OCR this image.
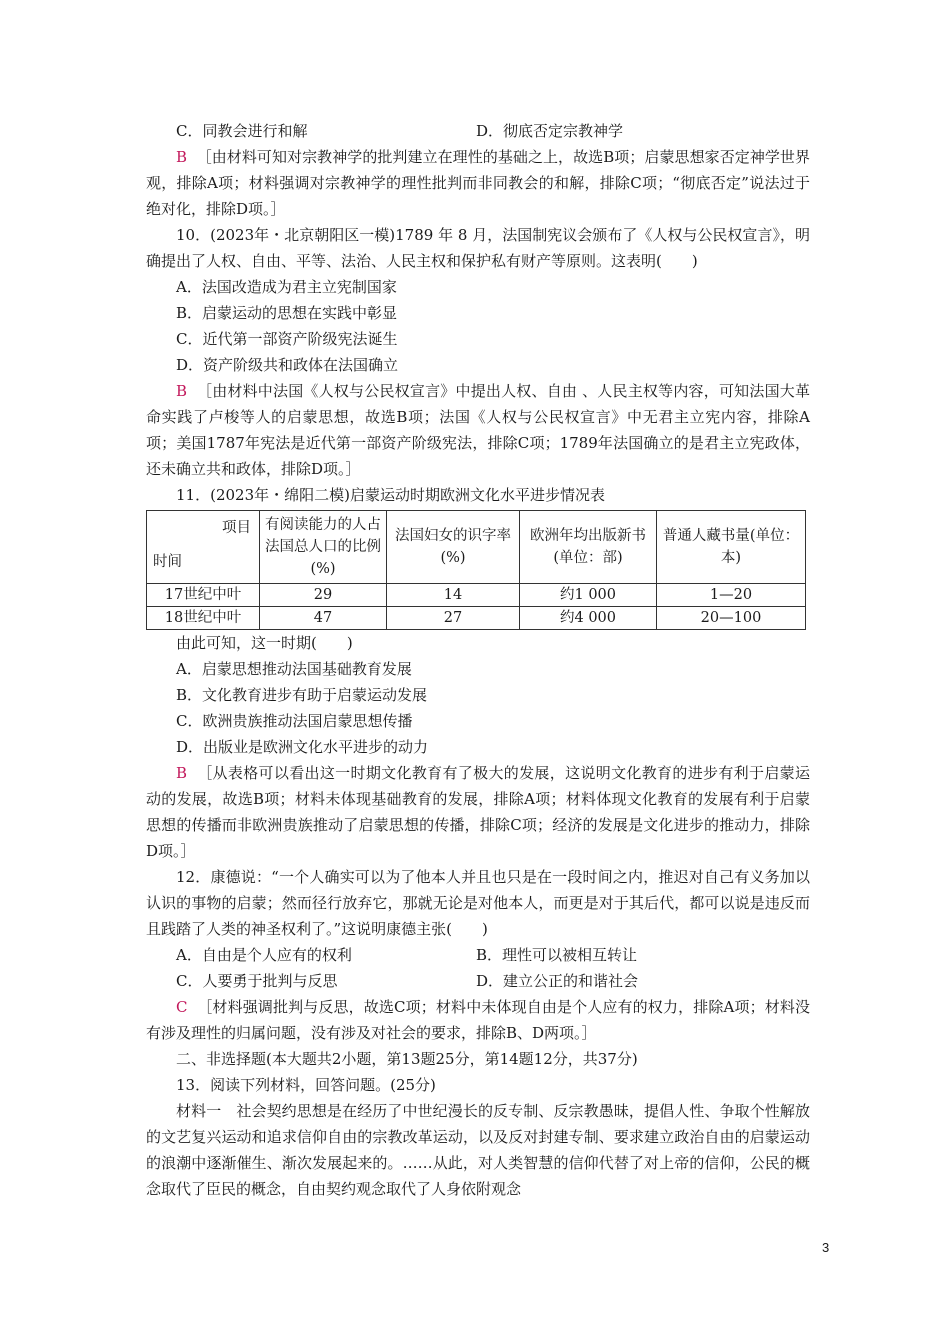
C．同教会进行和解	D．彻底否定宗教神学

B ［由材料可知对宗教神学的批判建立在理性的基础之上，故选B项；启蒙思想家否定神学世界观，排除A项；材料强调对宗教神学的理性批判而非同教会的和解，排除C项；“彻底否定”说法过于绝对化，排除D项。］

10．(2023年・北京朝阳区一模)1789 年 8 月，法国制宪议会颁布了《人权与公民权宣言》，明确提出了人权、自由、平等、法治、人民主权和保护私有财产等原则。这表明(　　)

A．法国改造成为君主立宪制国家

B．启蒙运动的思想在实践中彰显

C．近代第一部资产阶级宪法诞生

D．资产阶级共和政体在法国确立

B ［由材料中法国《人权与公民权宣言》中提出人权、自由 、人民主权等内容，可知法国大革命实践了卢梭等人的启蒙思想，故选B项；法国《人权与公民权宣言》中无君主立宪内容，排除A项；美国1787年宪法是近代第一部资产阶级宪法，排除C项；1789年法国确立的是君主立宪政体，还未确立共和政体，排除D项。］

11．(2023年・绵阳二模)启蒙运动时期欧洲文化水平进步情况表

项目
时间	有阅读能力的人占法国总人口的比例(%)	法国妇女的识字率(%)	欧洲年均出版新书(单位：部)	普通人藏书量(单位：本)
17世纪中叶	29	14	约1 000	1—20
18世纪中叶	47	27	约4 000	20—100

由此可知，这一时期(　　)

A．启蒙思想推动法国基础教育发展

B．文化教育进步有助于启蒙运动发展

C．欧洲贵族推动法国启蒙思想传播

D．出版业是欧洲文化水平进步的动力

B ［从表格可以看出这一时期文化教育有了极大的发展，这说明文化教育的进步有利于启蒙运动的发展，故选B项；材料未体现基础教育的发展，排除A项；材料体现文化教育的发展有利于启蒙思想的传播而非欧洲贵族推动了启蒙思想的传播，排除C项；经济的发展是文化进步的推动力，排除D项。］

12．康德说：“一个人确实可以为了他本人并且也只是在一段时间之内，推迟对自己有义务加以认识的事物的启蒙；然而径行放弃它，那就无论是对他本人，而更是对于其后代，都可以说是违反而且践踏了人类的神圣权利了。”这说明康德主张(　　)

A．自由是个人应有的权利	B．理性可以被相互转让
C．人要勇于批判与反思	D．建立公正的和谐社会

C ［材料强调批判与反思，故选C项；材料中未体现自由是个人应有的权力，排除A项；材料没有涉及理性的归属问题，没有涉及对社会的要求，排除B、D两项。］

二、非选择题(本大题共2小题，第13题25分，第14题12分，共37分)

13．阅读下列材料，回答问题。(25分)

材料一　社会契约思想是在经历了中世纪漫长的反专制、反宗教愚昧，提倡人性、争取个性解放的文艺复兴运动和追求信仰自由的宗教改革运动，以及反对封建专制、要求建立政治自由的启蒙运动的浪潮中逐渐催生、渐次发展起来的。……从此，对人类智慧的信仰代替了对上帝的信仰，公民的概念取代了臣民的概念，自由契约观念取代了人身依附观念

3
